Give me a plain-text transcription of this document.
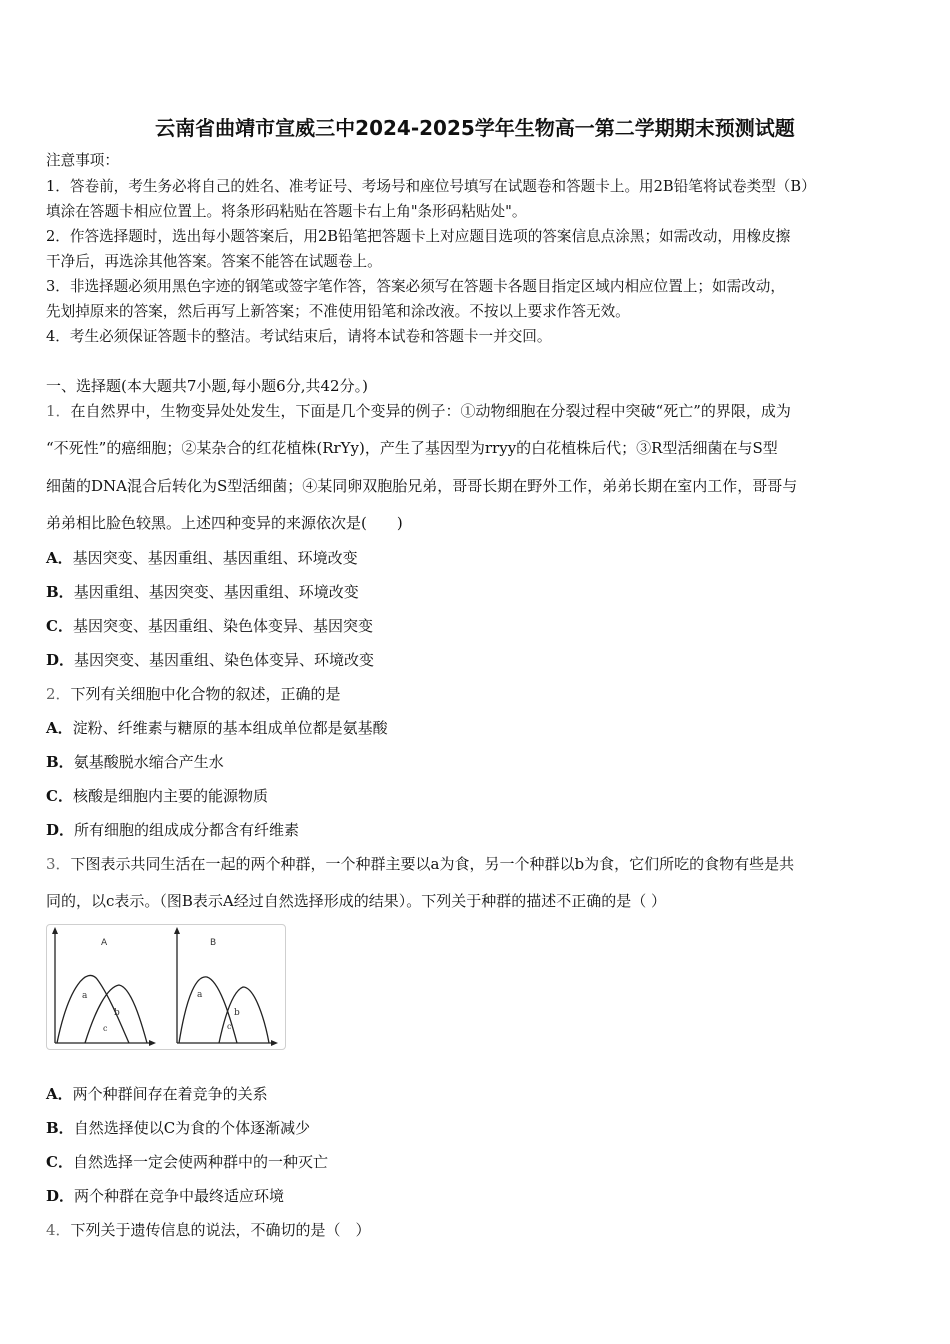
云南省曲靖市宣威三中2024-2025学年生物高一第二学期期末预测试题
注意事项：
1．答卷前，考生务必将自己的姓名、准考证号、考场号和座位号填写在试题卷和答题卡上。用2B铅笔将试卷类型（B）
填涂在答题卡相应位置上。将条形码粘贴在答题卡右上角"条形码粘贴处"。
2．作答选择题时，选出每小题答案后，用2B铅笔把答题卡上对应题目选项的答案信息点涂黑；如需改动，用橡皮擦
干净后，再选涂其他答案。答案不能答在试题卷上。
3．非选择题必须用黑色字迹的钢笔或签字笔作答，答案必须写在答题卡各题目指定区域内相应位置上；如需改动，
先划掉原来的答案，然后再写上新答案；不准使用铅笔和涂改液。不按以上要求作答无效。
4．考生必须保证答题卡的整洁。考试结束后，请将本试卷和答题卡一并交回。
一、选择题(本大题共7小题,每小题6分,共42分。)
1．在自然界中，生物变异处处发生，下面是几个变异的例子：①动物细胞在分裂过程中突破“死亡”的界限，成为
“不死性”的癌细胞；②某杂合的红花植株(RrYy)，产生了基因型为rryy的白花植株后代；③R型活细菌在与S型
细菌的DNA混合后转化为S型活细菌；④某同卵双胞胎兄弟，哥哥长期在野外工作，弟弟长期在室内工作，哥哥与
弟弟相比脸色较黑。上述四种变异的来源依次是(　　)
A．基因突变、基因重组、基因重组、环境改变
B．基因重组、基因突变、基因重组、环境改变
C．基因突变、基因重组、染色体变异、基因突变
D．基因突变、基因重组、染色体变异、环境改变
2．下列有关细胞中化合物的叙述，正确的是
A．淀粉、纤维素与糖原的基本组成单位都是氨基酸
B．氨基酸脱水缩合产生水
C．核酸是细胞内主要的能源物质
D．所有细胞的组成成分都含有纤维素
3．下图表示共同生活在一起的两个种群，一个种群主要以a为食，另一个种群以b为食，它们所吃的食物有些是共
同的，以c表示。（图B表示A经过自然选择形成的结果）。下列关于种群的描述不正确的是（ ）
A
a
b
c
B
a
b
c
A．两个种群间存在着竞争的关系
B．自然选择使以C为食的个体逐渐减少
C．自然选择一定会使两种群中的一种灭亡
D．两个种群在竞争中最终适应环境
4．下列关于遗传信息的说法，不确切的是（　）
